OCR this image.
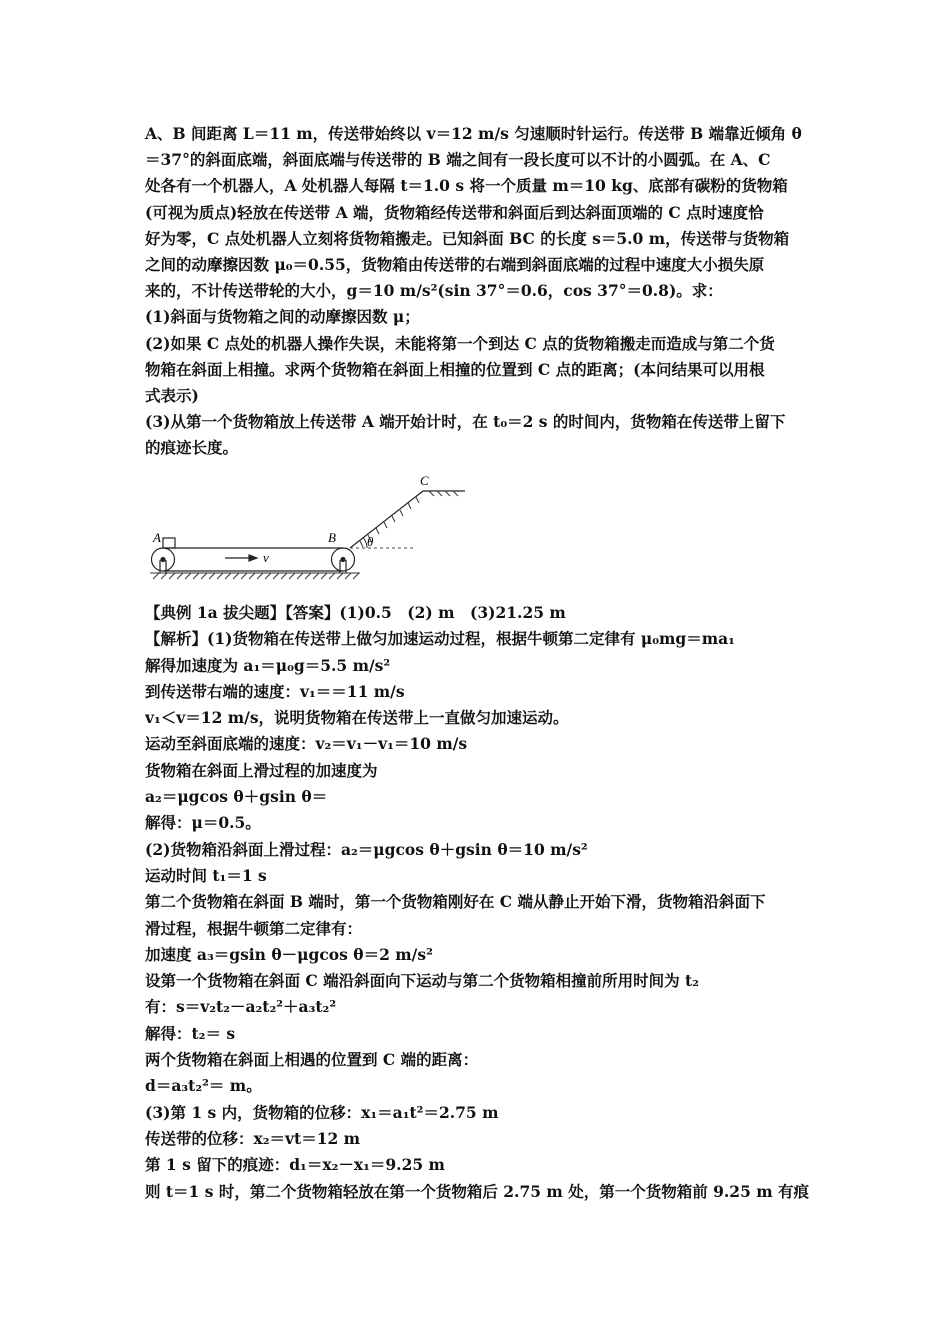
A、B 间距离 L＝11 m，传送带始终以 v＝12 m/s 匀速顺时针运行。传送带 B 端靠近倾角 θ

＝37°的斜面底端，斜面底端与传送带的 B 端之间有一段长度可以不计的小圆弧。在 A、C

处各有一个机器人，A 处机器人每隔 t＝1.0 s 将一个质量 m＝10 kg、底部有碳粉的货物箱

(可视为质点)轻放在传送带 A 端，货物箱经传送带和斜面后到达斜面顶端的 C 点时速度恰

好为零，C 点处机器人立刻将货物箱搬走。已知斜面 BC 的长度 s＝5.0 m，传送带与货物箱

之间的动摩擦因数 μ₀＝0.55，货物箱由传送带的右端到斜面底端的过程中速度大小损失原

来的，不计传送带轮的大小，g＝10 m/s²(sin 37°＝0.6，cos 37°＝0.8)。求：

(1)斜面与货物箱之间的动摩擦因数 μ；

(2)如果 C 点处的机器人操作失误，未能将第一个到达 C 点的货物箱搬走而造成与第二个货

物箱在斜面上相撞。求两个货物箱在斜面上相撞的位置到 C 点的距离；(本问结果可以用根

式表示)

(3)从第一个货物箱放上传送带 A 端开始计时，在 t₀＝2 s 的时间内，货物箱在传送带上留下

的痕迹长度。

A	B
C
v
θ

【典例 1a 拔尖题】【答案】(1)0.5　(2) m　(3)21.25 m

【解析】(1)货物箱在传送带上做匀加速运动过程，根据牛顿第二定律有 μ₀mg＝ma₁

解得加速度为 a₁＝μ₀g＝5.5 m/s²

到传送带右端的速度：v₁＝＝11 m/s

v₁＜v＝12 m/s，说明货物箱在传送带上一直做匀加速运动。

运动至斜面底端的速度：v₂＝v₁－v₁＝10 m/s

货物箱在斜面上滑过程的加速度为

a₂＝μgcos θ＋gsin θ＝

解得：μ＝0.5。

(2)货物箱沿斜面上滑过程：a₂＝μgcos θ＋gsin θ＝10 m/s²

运动时间 t₁＝1 s

第二个货物箱在斜面 B 端时，第一个货物箱刚好在 C 端从静止开始下滑，货物箱沿斜面下

滑过程，根据牛顿第二定律有：

加速度 a₃＝gsin θ－μgcos θ＝2 m/s²

设第一个货物箱在斜面 C 端沿斜面向下运动与第二个货物箱相撞前所用时间为 t₂

有：s＝v₂t₂－a₂t₂²＋a₃t₂²

解得：t₂＝ s

两个货物箱在斜面上相遇的位置到 C 端的距离：

d＝a₃t₂²＝ m。

(3)第 1 s 内，货物箱的位移：x₁＝a₁t²＝2.75 m

传送带的位移：x₂＝vt＝12 m

第 1 s 留下的痕迹：d₁＝x₂－x₁＝9.25 m

则 t＝1 s 时，第二个货物箱轻放在第一个货物箱后 2.75 m 处，第一个货物箱前 9.25 m 有痕
